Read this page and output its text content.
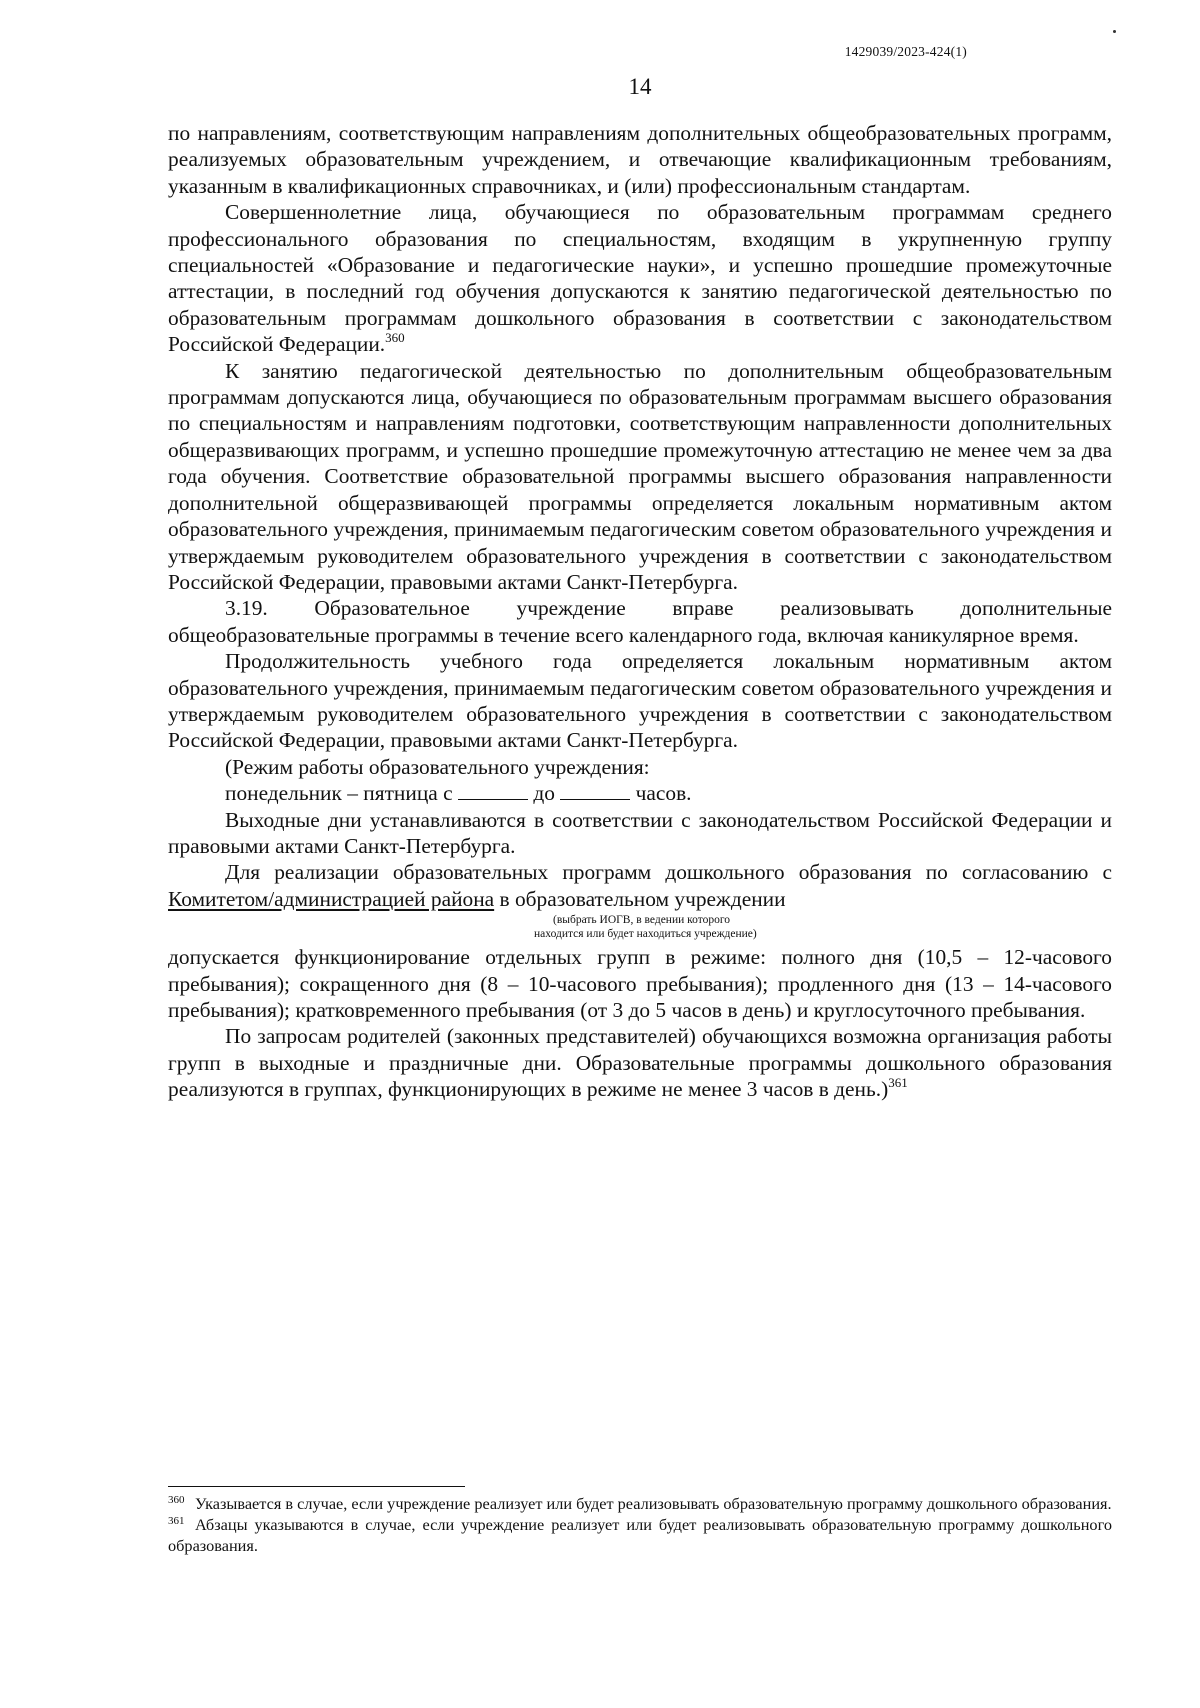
1429039/2023-424(1)
14

по направлениям, соответствующим направлениям дополнительных общеобразовательных программ, реализуемых образовательным учреждением, и отвечающие квалификационным требованиям, указанным в квалификационных справочниках, и (или) профессиональным стандартам.

Совершеннолетние лица, обучающиеся по образовательным программам среднего профессионального образования по специальностям, входящим в укрупненную группу специальностей «Образование и педагогические науки», и успешно прошедшие промежуточные аттестации, в последний год обучения допускаются к занятию педагогической деятельностью по образовательным программам дошкольного образования в соответствии с законодательством Российской Федерации.$^{360}$

К занятию педагогической деятельностью по дополнительным общеобразовательным программам допускаются лица, обучающиеся по образовательным программам высшего образования по специальностям и направлениям подготовки, соответствующим направленности дополнительных общеразвивающих программ, и успешно прошедшие промежуточную аттестацию не менее чем за два года обучения. Соответствие образовательной программы высшего образования направленности дополнительной общеразвивающей программы определяется локальным нормативным актом образовательного учреждения, принимаемым педагогическим советом образовательного учреждения и утверждаемым руководителем образовательного учреждения в соответствии с законодательством Российской Федерации, правовыми актами Санкт-Петербурга.

3.19. Образовательное учреждение вправе реализовывать дополнительные общеобразовательные программы в течение всего календарного года, включая каникулярное время.

Продолжительность учебного года определяется локальным нормативным актом образовательного учреждения, принимаемым педагогическим советом образовательного учреждения и утверждаемым руководителем образовательного учреждения в соответствии с законодательством Российской Федерации, правовыми актами Санкт-Петербурга.

(Режим работы образовательного учреждения:

понедельник – пятница с	до	часов.

Выходные дни устанавливаются в соответствии с законодательством Российской Федерации и правовыми актами Санкт-Петербурга.

Для реализации образовательных программ дошкольного образования по согласованию с Комитетом/администрацией района в образовательном учреждении

(выбрать ИОГВ, в ведении которого
находится или будет находиться учреждение)

допускается функционирование отдельных групп в режиме: полного дня (10,5 – 12-часового пребывания); сокращенного дня (8 – 10-часового пребывания); продленного дня (13 – 14-часового пребывания); кратковременного пребывания (от 3 до 5 часов в день) и круглосуточного пребывания.

По запросам родителей (законных представителей) обучающихся возможна организация работы групп в выходные и праздничные дни. Образовательные программы дошкольного образования реализуются в группах, функционирующих в режиме не менее 3 часов в день.)$^{361}$

$^{360}$ Указывается в случае, если учреждение реализует или будет реализовывать образовательную программу дошкольного образования.

$^{361}$ Абзацы указываются в случае, если учреждение реализует или будет реализовывать образовательную программу дошкольного образования.
